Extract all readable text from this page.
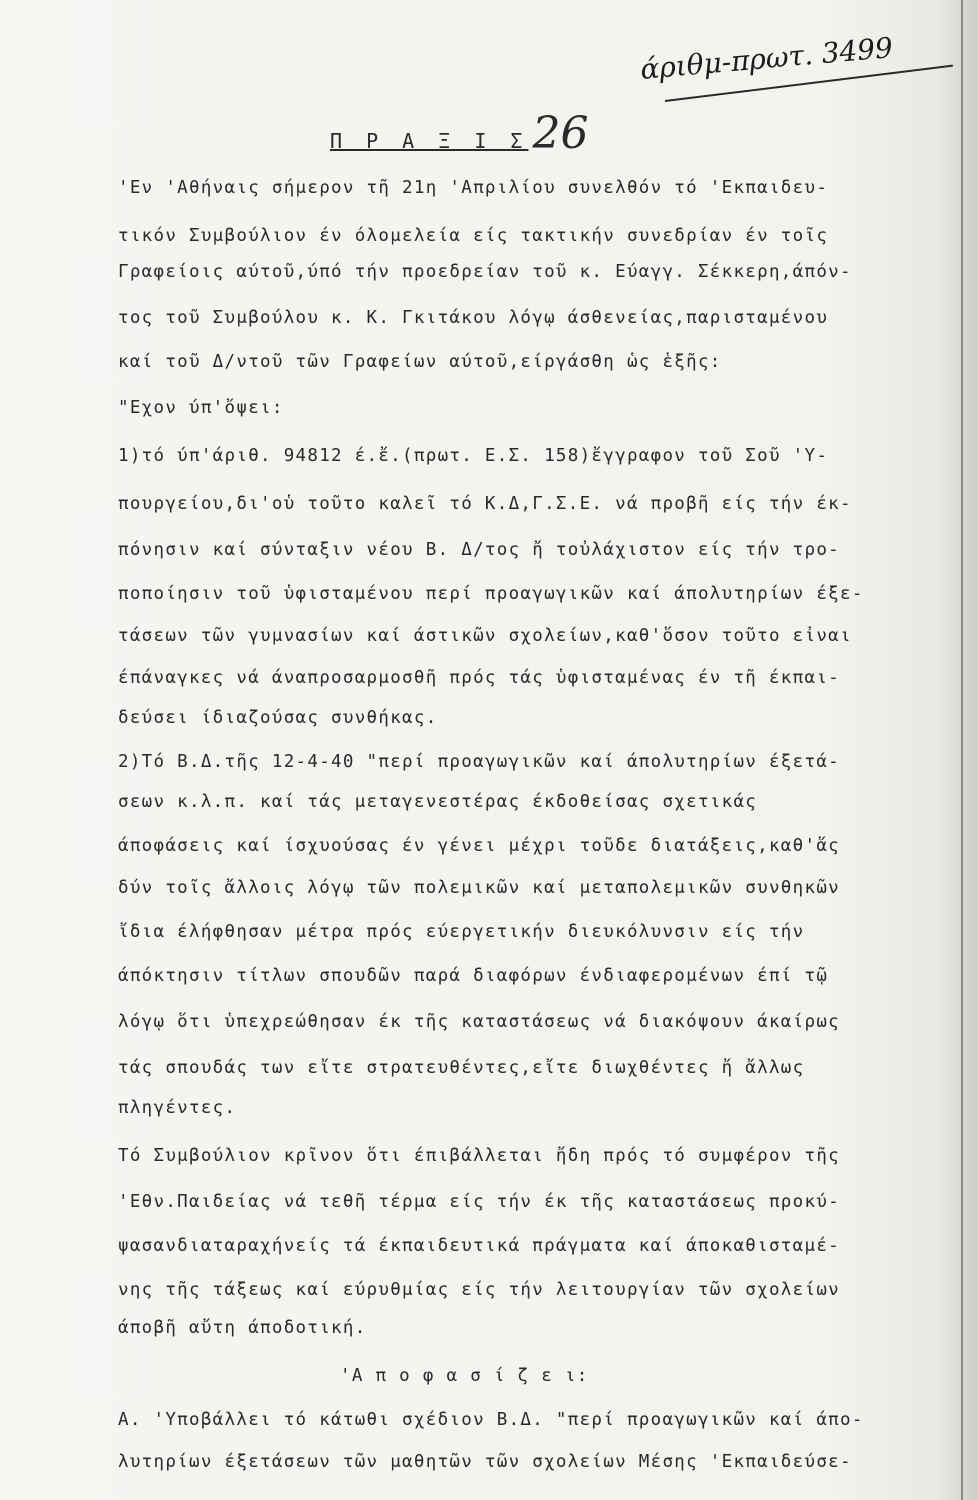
άριθμ-πρωτ. 3499
Π Ρ Α Ξ Ι Σ26
'Εν 'Αθήναις σήμερον τῆ 21η 'Απριλίου συνελθόν τό 'Εκπαιδευ-
τικόν Συμβούλιον έν όλομελεία είς τακτικήν συνεδρίαν έν τοῖς
Γραφείοις αύτοῦ,ύπό τήν προεδρείαν τοῦ κ. Εύαγγ. Σέκκερη,άπόν-
τος τοῦ Συμβούλου κ. Κ. Γκιτάκου λόγῳ άσθενείας,παρισταμένου
καί τοῦ Δ/ντοῦ τῶν Γραφείων αύτοῦ,είργάσθη ὡς ἑξῆς:
"Εχον ύπ'ὄψει:
1)τό ύπ'άριθ. 94812 έ.ἔ.(πρωτ. Ε.Σ. 158)ἔγγραφον τοῦ Σοῦ 'Υ-
πουργείου,δι'οὗ τοῦτο καλεῖ τό Κ.Δ,Γ.Σ.Ε. νά προβῆ είς τήν έκ-
πόνησιν καί σύνταξιν νέου Β. Δ/τος ἤ τοὐλάχιστον είς τήν τρο-
ποποίησιν τοῦ ὑφισταμένου περί προαγωγικῶν καί άπολυτηρίων έξε-
τάσεων τῶν γυμνασίων καί άστικῶν σχολείων,καθ'ὅσον τοῦτο εἶναι
έπάναγκες νά άναπροσαρμοσθῆ πρός τάς ὑφισταμένας έν τῆ έκπαι-
δεύσει ίδιαζούσας συνθήκας.
2)Τό Β.Δ.τῆς 12-4-40 "περί προαγωγικῶν καί άπολυτηρίων έξετά-
σεων κ.λ.π. καί τάς μεταγενεστέρας έκδοθείσας σχετικάς
άποφάσεις καί ίσχυούσας έν γένει μέχρι τοῦδε διατάξεις,καθ'ἅς
δύν τοῖς ἄλλοις λόγῳ τῶν πολεμικῶν καί μεταπολεμικῶν συνθηκῶν
ἴδια έλήφθησαν μέτρα πρός εύεργετικήν διευκόλυνσιν είς τήν
άπόκτησιν τίτλων σπουδῶν παρά διαφόρων ένδιαφερομένων έπί τῷ
λόγῳ ὅτι ὑπεχρεώθησαν έκ τῆς καταστάσεως νά διακόψουν άκαίρως
τάς σπουδάς των εἴτε στρατευθέντες,εἴτε διωχθέντες ἤ ἄλλως
πληγέντες.
Τό Συμβούλιον κρῖνον ὅτι έπιβάλλεται ἤδη πρός τό συμφέρον τῆς
'Εθν.Παιδείας νά τεθῆ τέρμα είς τήν έκ τῆς καταστάσεως προκύ-
ψασανδιαταραχήνείς τά έκπαιδευτικά πράγματα καί άποκαθισταμέ-
νης τῆς τάξεως καί εύρυθμίας είς τήν λειτουργίαν τῶν σχολείων
άποβῆ αὔτη άποδοτική.
'Α π ο φ α σ ί ζ ε ι:
Α. 'Υποβάλλει τό κάτωθι σχέδιον Β.Δ. "περί προαγωγικῶν καί άπο-
λυτηρίων έξετάσεων τῶν μαθητῶν τῶν σχολείων Μέσης 'Εκπαιδεύσε-
